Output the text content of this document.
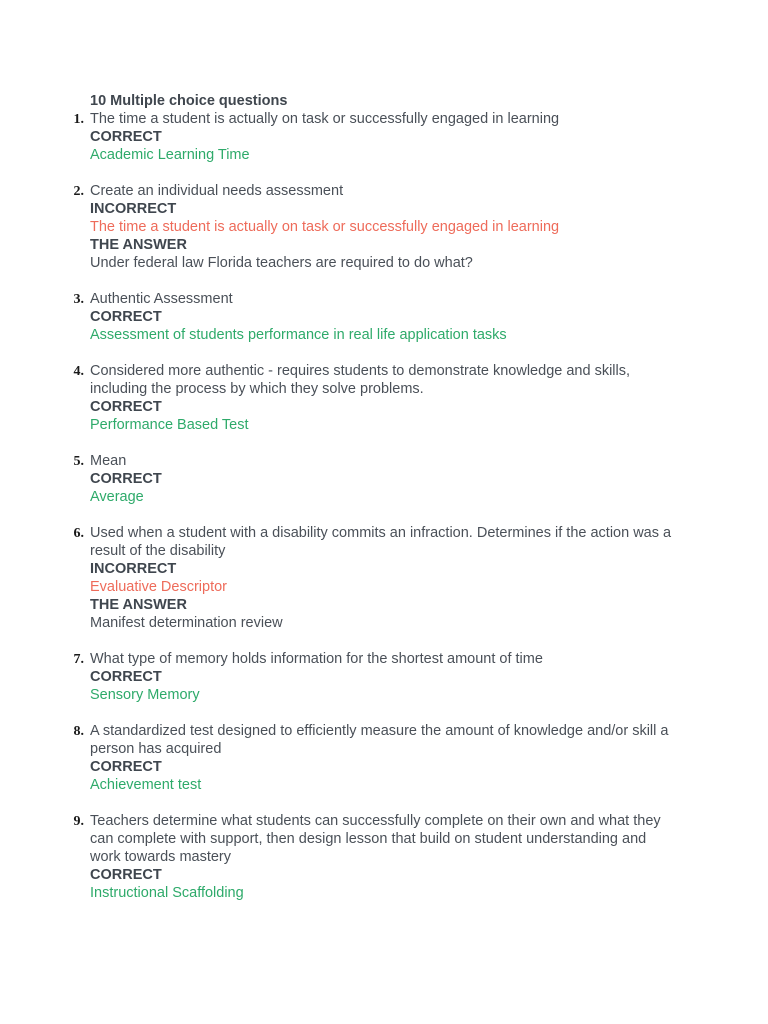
10 Multiple choice questions
1. The time a student is actually on task or successfully engaged in learning
CORRECT
Academic Learning Time
2. Create an individual needs assessment
INCORRECT
The time a student is actually on task or successfully engaged in learning
THE ANSWER
Under federal law Florida teachers are required to do what?
3. Authentic Assessment
CORRECT
Assessment of students performance in real life application tasks
4. Considered more authentic - requires students to demonstrate knowledge and skills, including the process by which they solve problems.
CORRECT
Performance Based Test
5. Mean
CORRECT
Average
6. Used when a student with a disability commits an infraction. Determines if the action was a result of the disability
INCORRECT
Evaluative Descriptor
THE ANSWER
Manifest determination review
7. What type of memory holds information for the shortest amount of time
CORRECT
Sensory Memory
8. A standardized test designed to efficiently measure the amount of knowledge and/or skill a person has acquired
CORRECT
Achievement test
9. Teachers determine what students can successfully complete on their own and what they can complete with support, then design lesson that build on student understanding and work towards mastery
CORRECT
Instructional Scaffolding
